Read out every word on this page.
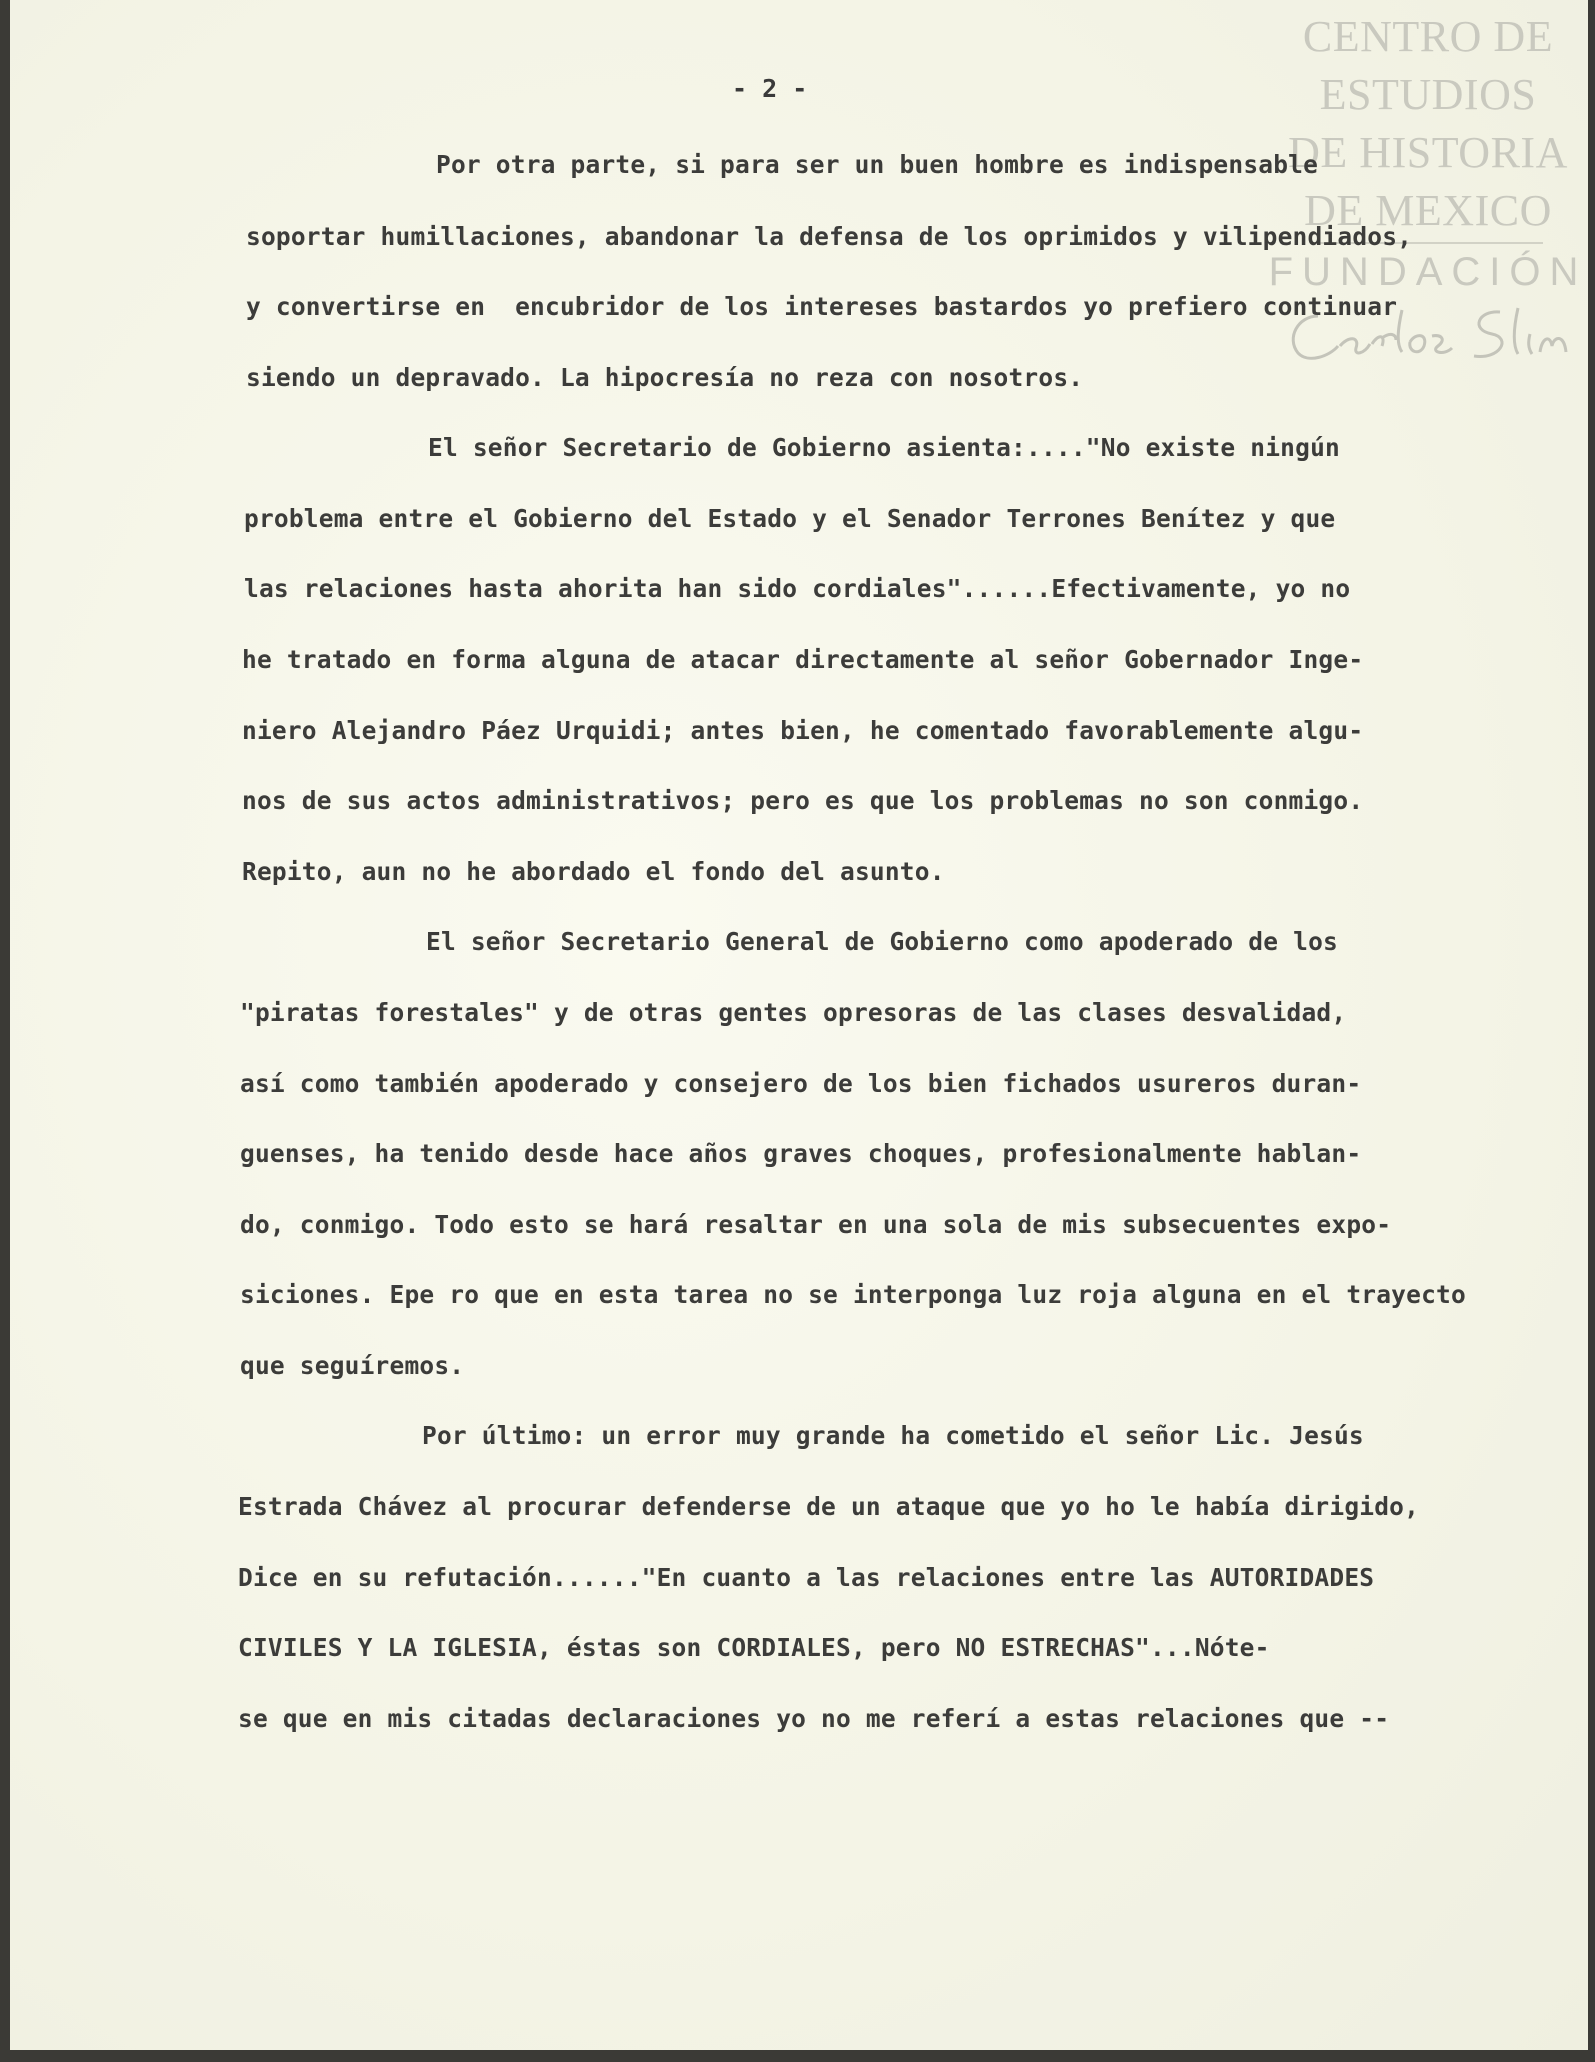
CENTRO DE
ESTUDIOS
DE HISTORIA
DE MEXICO
FUNDACIÓN
- 2 -
Por otra parte, si para ser un buen hombre es indispensable
soportar humillaciones, abandonar la defensa de los oprimidos y vilipendiados,
y convertirse en  encubridor de los intereses bastardos yo prefiero continuar
siendo un depravado. La hipocresía no reza con nosotros.
El señor Secretario de Gobierno asienta:...."No existe ningún
problema entre el Gobierno del Estado y el Senador Terrones Benítez y que
las relaciones hasta ahorita han sido cordiales"......Efectivamente, yo no
he tratado en forma alguna de atacar directamente al señor Gobernador Inge-
niero Alejandro Páez Urquidi; antes bien, he comentado favorablemente algu-
nos de sus actos administrativos; pero es que los problemas no son conmigo.
Repito, aun no he abordado el fondo del asunto.
El señor Secretario General de Gobierno como apoderado de los
"piratas forestales" y de otras gentes opresoras de las clases desvalidad,
así como también apoderado y consejero de los bien fichados usureros duran-
guenses, ha tenido desde hace años graves choques, profesionalmente hablan-
do, conmigo. Todo esto se hará resaltar en una sola de mis subsecuentes expo-
siciones. Epe ro que en esta tarea no se interponga luz roja alguna en el trayecto
que seguíremos.
Por último: un error muy grande ha cometido el señor Lic. Jesús
Estrada Chávez al procurar defenderse de un ataque que yo ho le había dirigido,
Dice en su refutación......"En cuanto a las relaciones entre las AUTORIDADES
CIVILES Y LA IGLESIA, éstas son CORDIALES, pero NO ESTRECHAS"...Nóte-
se que en mis citadas declaraciones yo no me referí a estas relaciones que --
